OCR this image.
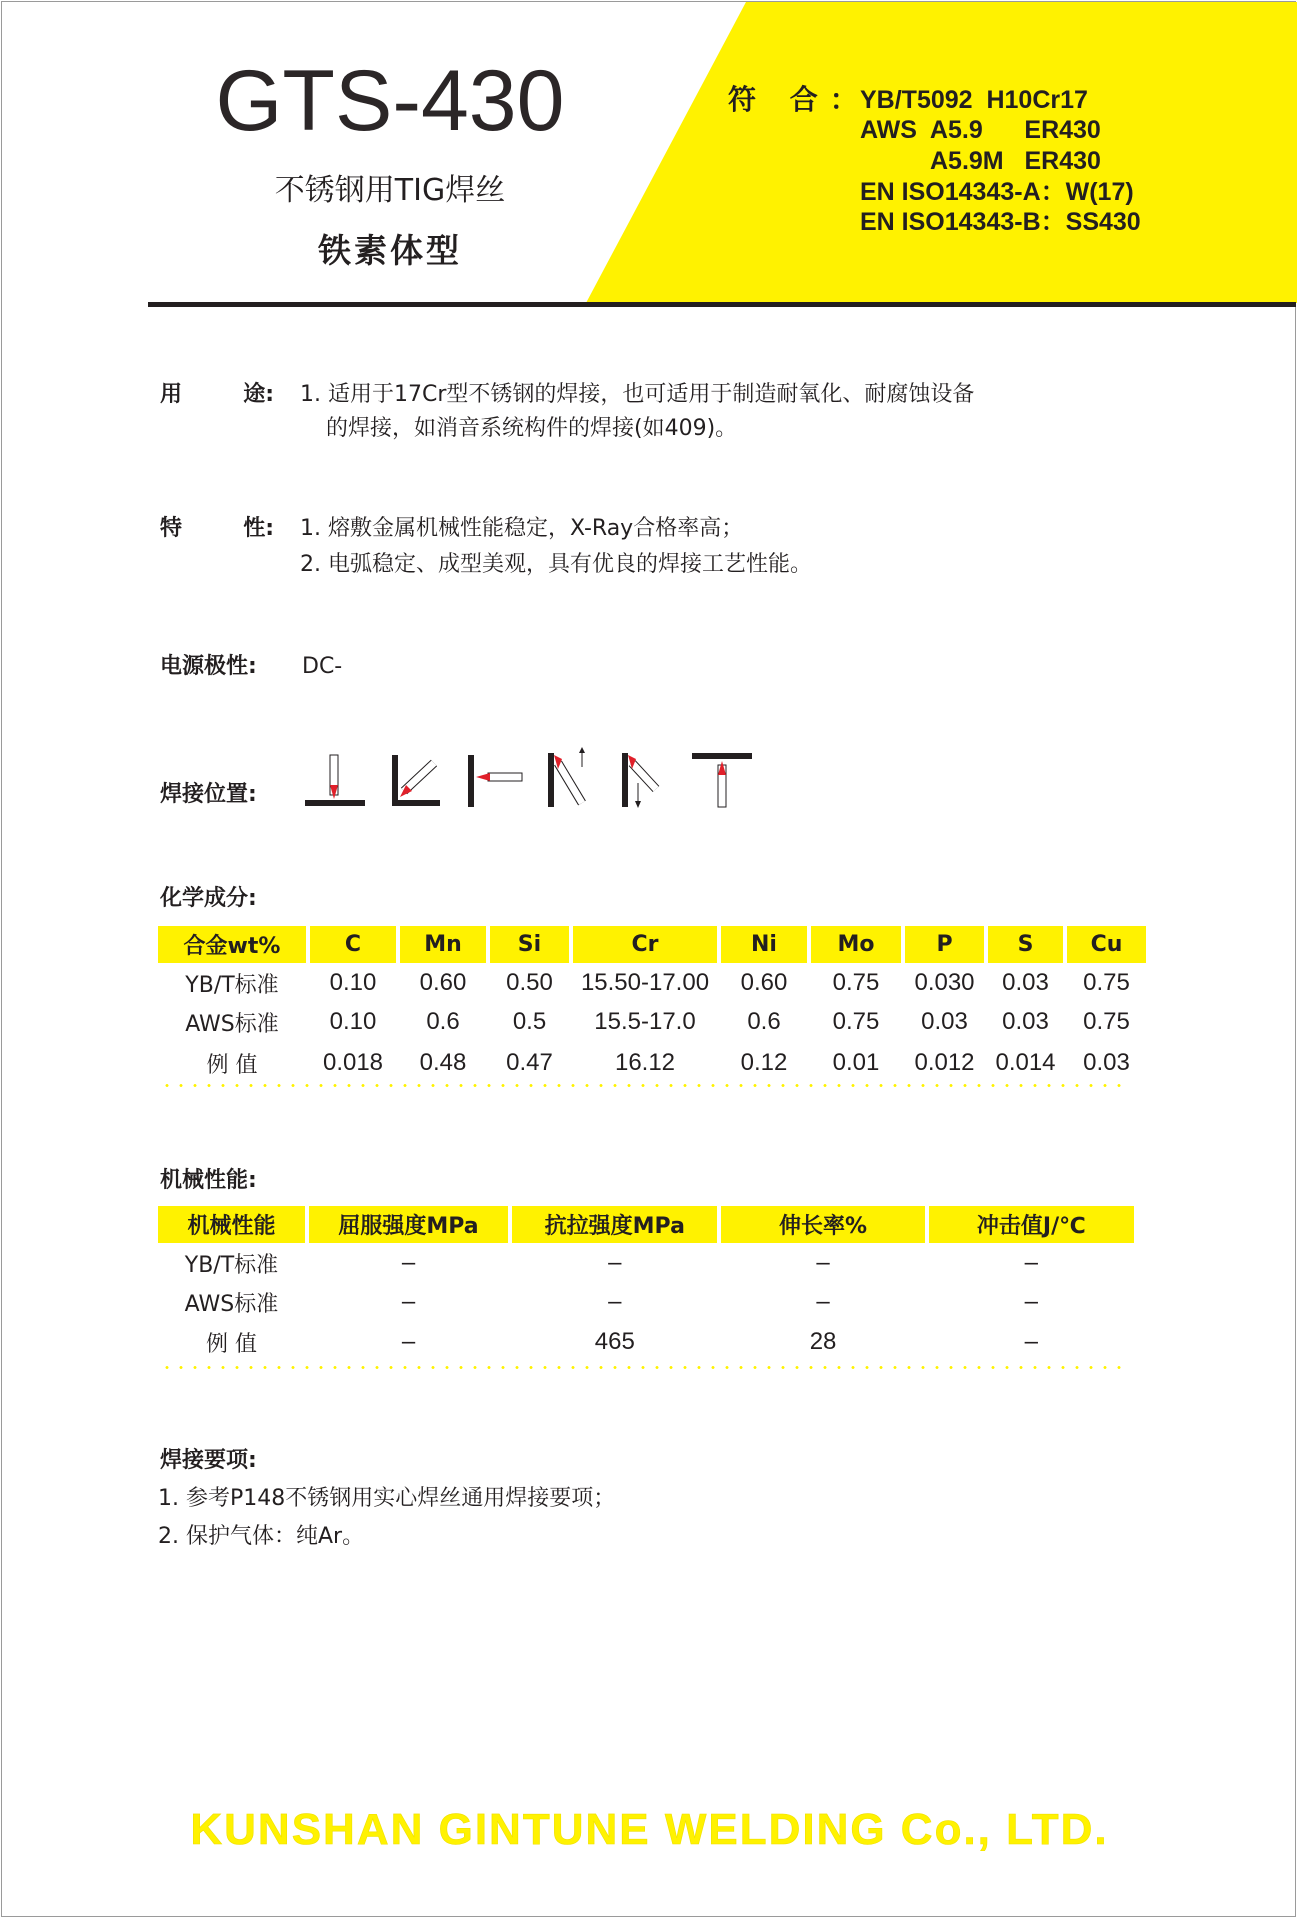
GTS-430
不锈钢用TIG焊丝
铁素体型
符 合：
YB/T5092  H10Cr17
AWS  A5.9      ER430
A5.9M   ER430
EN ISO14343-A：W(17)
EN ISO14343-B：SS430
用        途: 1. 适用于17Cr型不锈钢的焊接，也可适用于制造耐氧化、耐腐蚀设备
的焊接，如消音系统构件的焊接(如409)。
特        性: 1. 熔敷金属机械性能稳定，X-Ray合格率高；
2. 电弧稳定、成型美观，具有优良的焊接工艺性能。
电源极性: DC-
焊接位置:
化学成分:
合金wt%	C	Mn	Si	Cr	Ni	Mo	P	S	Cu
YB/T标准	0.10	0.60	0.50	15.50-17.00	0.60	0.75	0.030	0.03	0.75
AWS标准	0.10	0.6	0.5	15.5-17.0	0.6	0.75	0.03	0.03	0.75
例 值	0.018	0.48	0.47	16.12	0.12	0.01	0.012	0.014	0.03
机械性能:
机械性能	屈服强度MPa	抗拉强度MPa	伸长率%	冲击值J/℃
YB/T标准	–	–	–	–
AWS标准	–	–	–	–
例 值	–	465	28	–
焊接要项:
1. 参考P148不锈钢用实心焊丝通用焊接要项；
2. 保护气体：纯Ar。
KUNSHAN GINTUNE WELDING Co., LTD.
